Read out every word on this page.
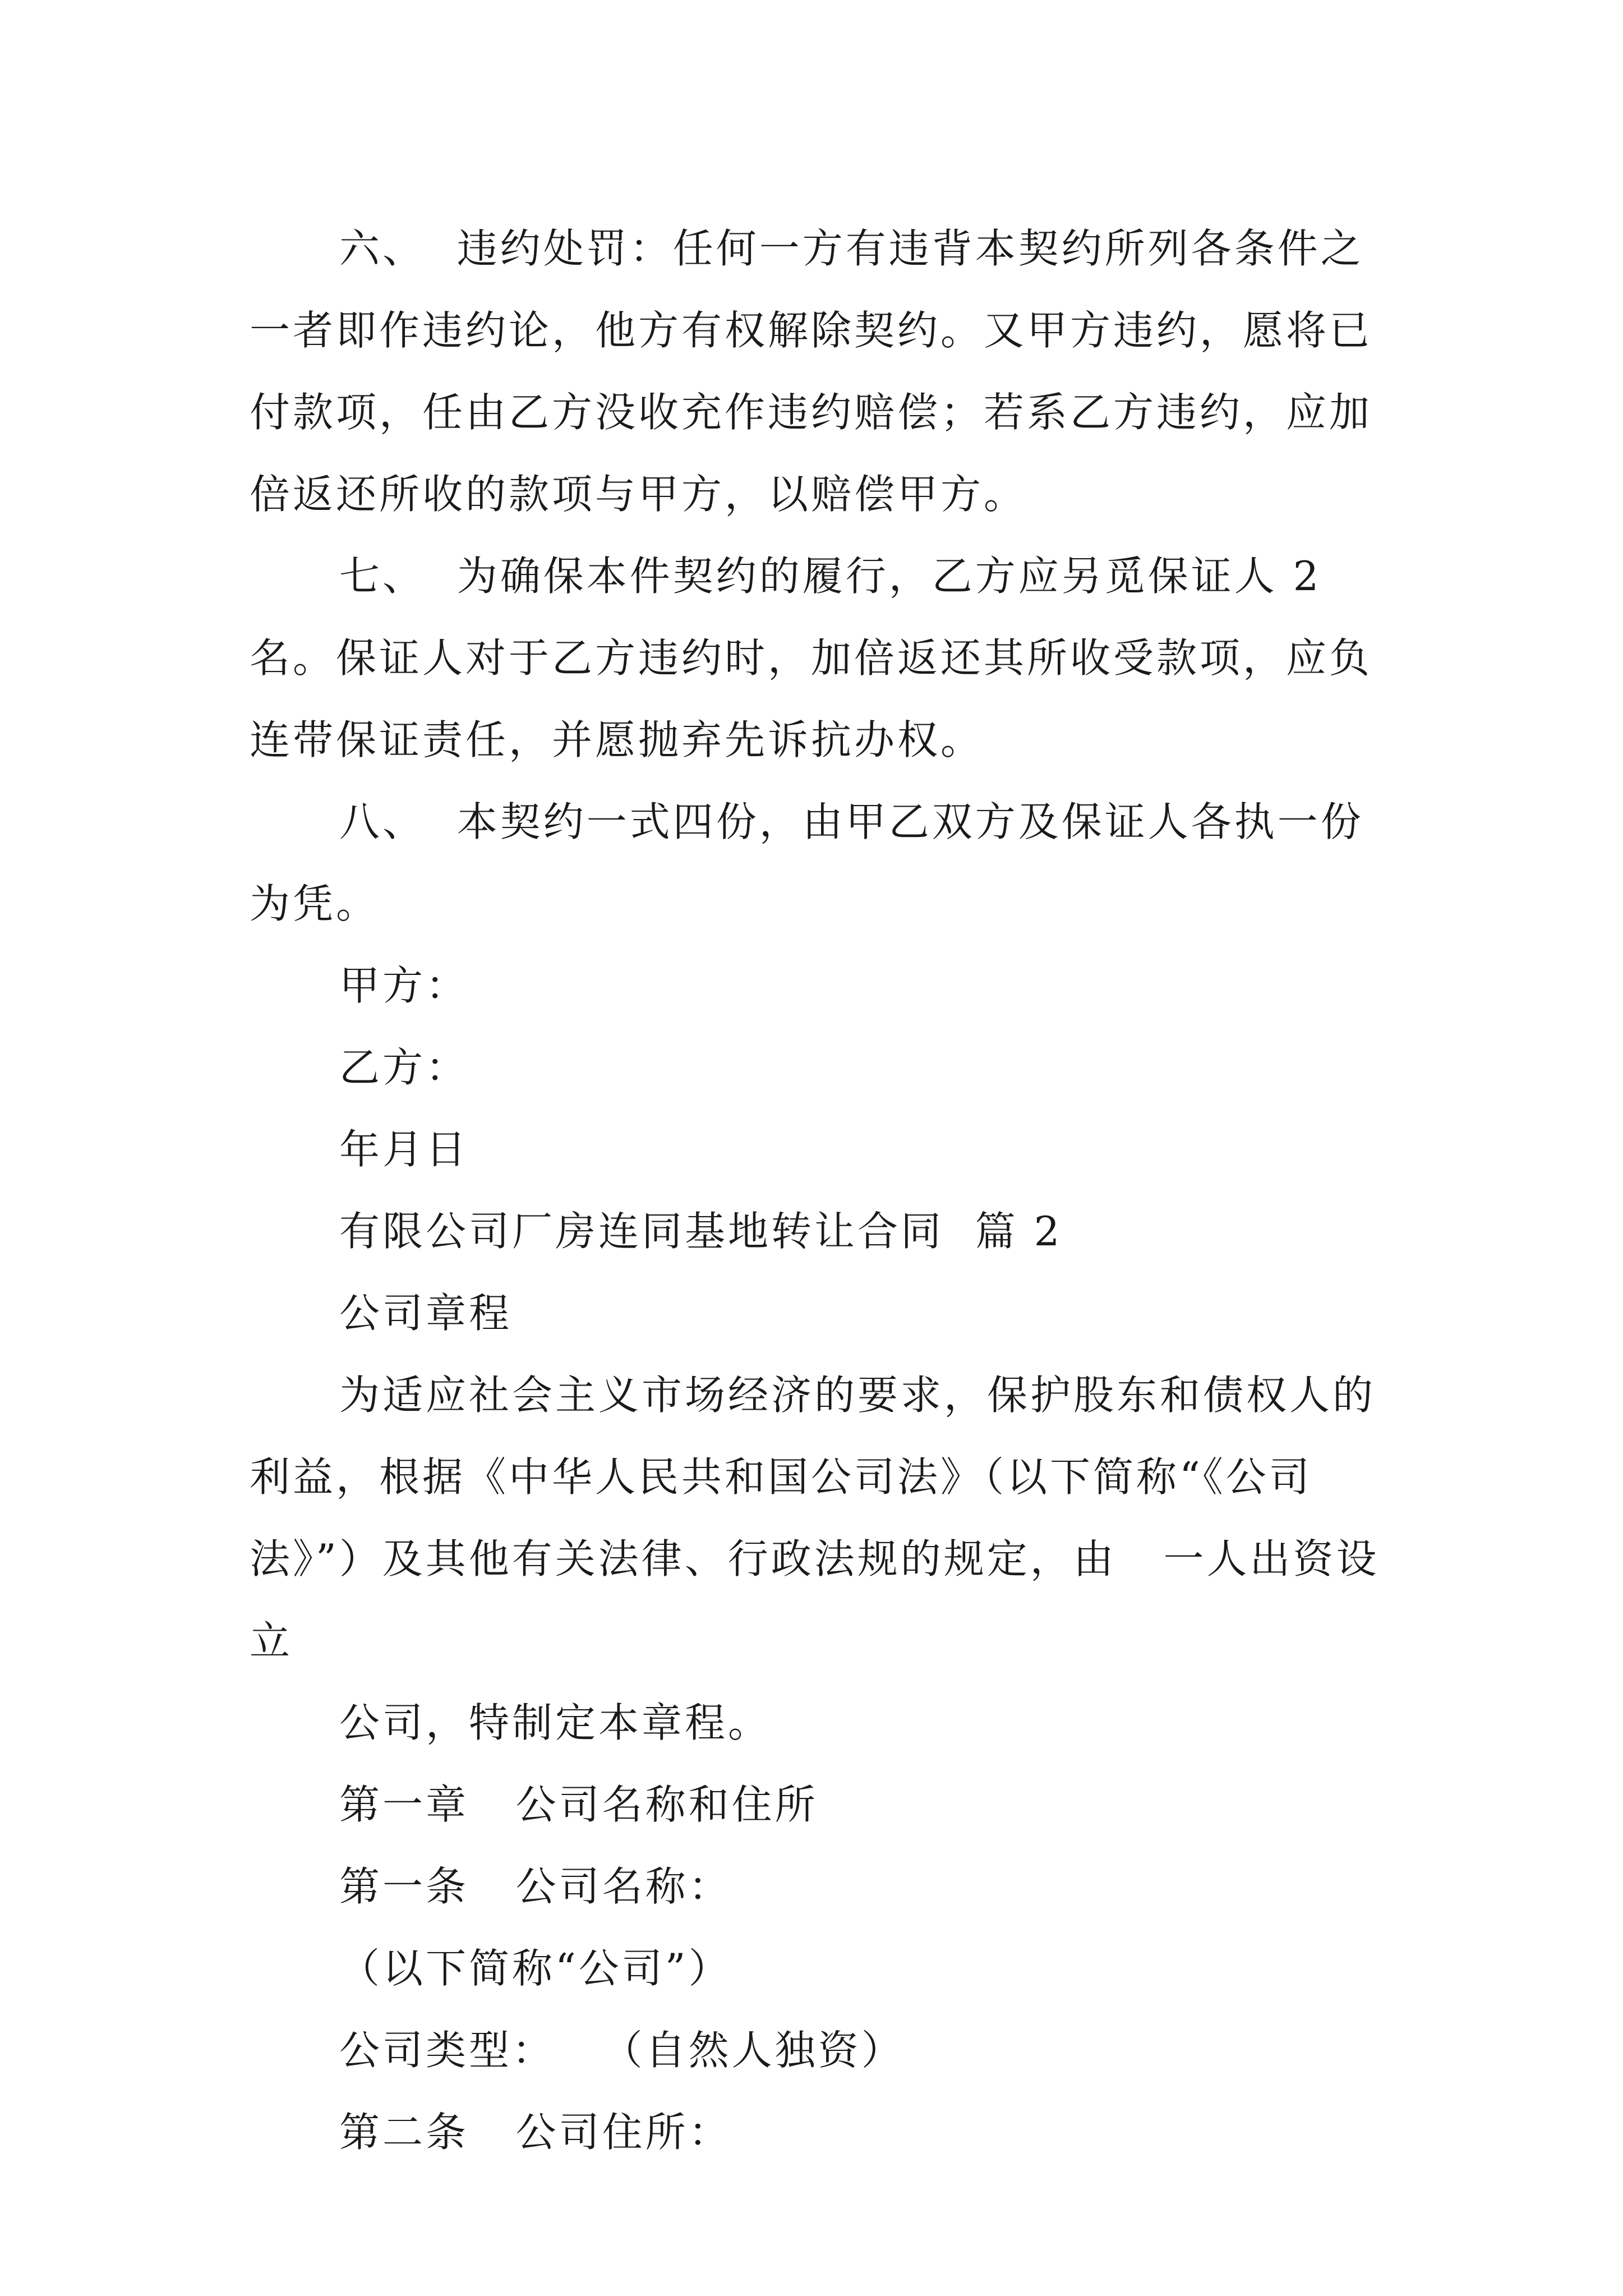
六、  违约处罚：任何一方有违背本契约所列各条件之一者即作违约论，他方有权解除契约。又甲方违约，愿将已付款项，任由乙方没收充作违约赔偿；若系乙方违约，应加倍返还所收的款项与甲方，以赔偿甲方。

七、  为确保本件契约的履行，乙方应另觅保证人 2 名。保证人对于乙方违约时，加倍返还其所收受款项，应负连带保证责任，并愿抛弃先诉抗办权。

八、  本契约一式四份，由甲乙双方及保证人各执一份为凭。

甲方：

乙方：

年月日

有限公司厂房连同基地转让合同  篇 2

公司章程

为适应社会主义市场经济的要求，保护股东和债权人的利益，根据《中华人民共和国公司法》（以下简称“《公司法》”）及其他有关法律、行政法规的规定，由   一人出资设立

公司，特制定本章程。

第一章   公司名称和住所

第一条   公司名称：

（以下简称“公司”）

公司类型：   （自然人独资）

第二条   公司住所：
